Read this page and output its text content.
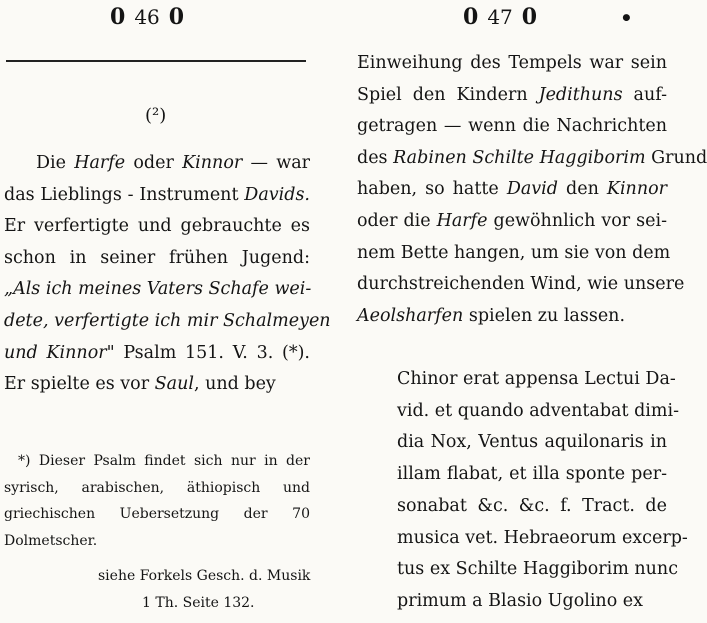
0 46 0
(²)
Die Harfe oder Kinnor — war
das Lieblings - Instrument Davids.
Er verfertigte und gebrauchte es
schon in seiner frühen Jugend:
„Als ich meines Vaters Schafe wei-
dete, verfertigte ich mir Schalmeyen
und Kinnor" Psalm 151. V. 3. (*).
Er spielte es vor Saul, und bey
*) Dieser Psalm findet sich nur in der
syrisch, arabischen, äthiopisch und
griechischen Uebersetzung der 70
Dolmetscher.
siehe Forkels Gesch. d. Musik
1 Th. Seite 132.
0 47 0	•
Einweihung des Tempels war sein
Spiel den Kindern Jedithuns auf-
getragen — wenn die Nachrichten
des Rabinen Schilte Haggiborim Grund
haben, so hatte David den Kinnor
oder die Harfe gewöhnlich vor sei-
nem Bette hangen, um sie von dem
durchstreichenden Wind, wie unsere
Aeolsharfen spielen zu lassen.
Chinor erat appensa Lectui Da-
vid. et quando adventabat dimi-
dia Nox, Ventus aquilonaris in
illam flabat, et illa sponte per-
sonabat &c. &c. f. Tract. de
musica vet. Hebraeorum excerp-
tus ex Schilte Haggiborim nunc
primum a Blasio Ugolino ex
